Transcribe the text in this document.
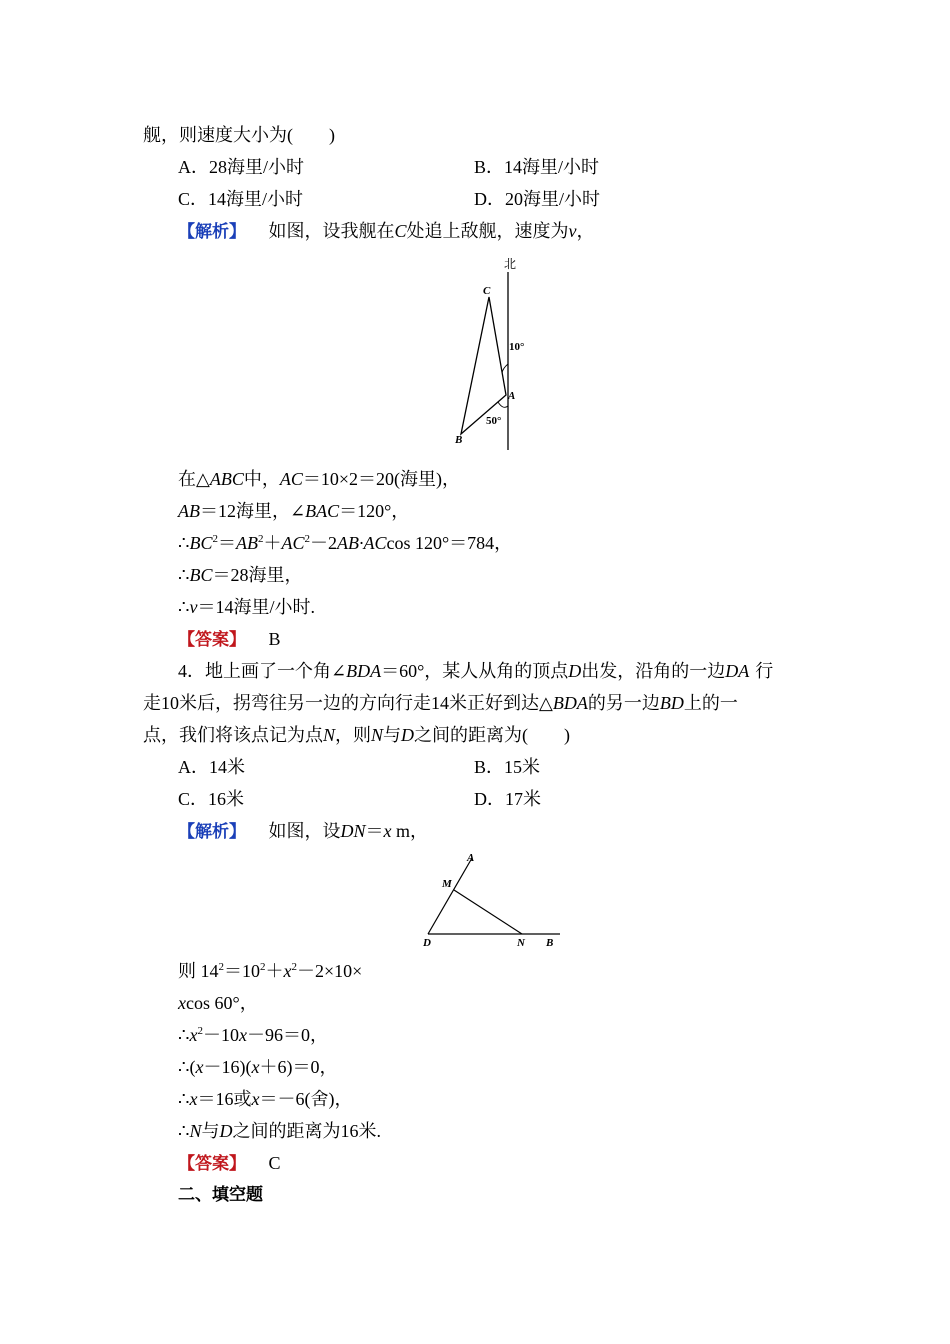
舰，则速度大小为(　　)
A．28海里/小时	B．14海里/小时
C．14海里/小时	D．20海里/小时
【解析】 如图，设我舰在C处追上敌舰，速度为v，
北
C
A
B
10°
50°
在△ABC中，AC＝10×2＝20(海里)，
AB＝12海里，∠BAC＝120°，
$\therefore BC^2=AB^2+AC^2-2AB\cdot ACcos$ 120°＝784，
∴BC＝28海里，
∴v＝14海里/小时.
【答案】 B
4．地上画了一个角∠BDA＝60°，某人从角的顶点D出发，沿角的一边DA 行
走10米后，拐弯往另一边的方向行走14米正好到达△BDA的另一边BD上的一
点，我们将该点记为点N，则N与D之间的距离为(　　)
A．14米	B．15米
C．16米	D．17米
【解析】 如图，设DN＝x m，
A
M
D	N B
则 $14^2=10^2+x^2-2\times 10\times$
xcos 60°，
$\therefore x^2-10x-96=0$，
∴(x－16)(x＋6)＝0，
∴x＝16或x＝－6(舍)，
∴N与D之间的距离为16米.
【答案】 C
二、填空题
